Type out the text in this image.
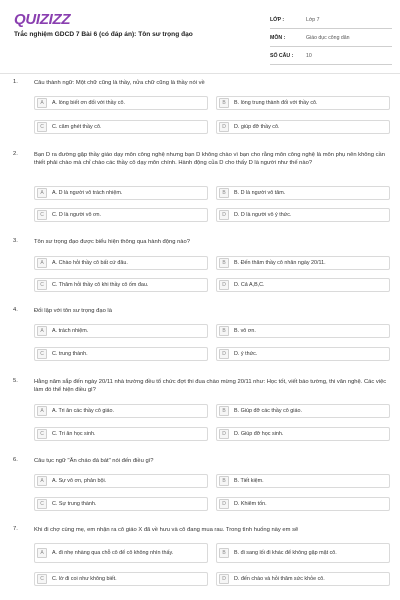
QUIZIZZ
Trắc nghiệm GDCD 7 Bài 6 (có đáp án): Tôn sư trọng đạo
LỚP :	Lớp 7
MÔN :	Giáo dục công dân
SỐ CÂU :	10
1.	Câu thành ngữ: Một chữ cũng là thầy, nửa chữ cũng là thầy nói về
A	A. lòng biết ơn đối với thầy cô.	B	B. lòng trung thành đối với thầy cô.
C	C. căm ghét thầy cô.	D	D. giúp đỡ thầy cô.
2.	Bạn D ra đường gặp thầy giáo dạy môn công nghệ nhưng bạn D không chào vì bạn cho rằng môn công nghệ là môn phụ nên không cần thiết phải chào mà chỉ chào các thầy cô dạy môn chính. Hành động của D cho thấy D là người như thế nào?
A	A. D là người vô trách nhiệm.	B	B. D là người vô tâm.
C	C. D là người vô ơn.	D	D. D là người vô ý thức.
3.	Tôn sư trọng đạo được biểu hiện thông qua hành động nào?
A	A. Chào hỏi thầy cô bất cứ đâu.	B	B. Đến thăm thầy cô nhân ngày 20/11.
C	C. Thăm hỏi thầy cô khi thầy cô ốm đau.	D	D. Cả A,B,C.
4.	Đối lập với tôn sư trọng đạo là
A	A. trách nhiệm.	B	B. vô ơn.
C	C. trung thành.	D	D. ý thức.
5.	Hằng năm sắp đến ngày 20/11 nhà trường đều tổ chức đợt thi đua chào mừng 20/11 như: Học tốt, viết báo tường, thi văn nghệ. Các việc làm đó thể hiện điều gì?
A	A. Tri ân các thầy cô giáo.	B	B. Giúp đỡ các thầy cô giáo.
C	C. Tri ân học sinh.	D	D. Giúp đỡ học sinh.
6.	Câu tục ngữ "Ăn cháo đá bát" nói đến điều gì?
A	A. Sự vô ơn, phản bội.	B	B. Tiết kiệm.
C	C. Sự trung thành.	D	D. Khiêm tốn.
7.	Khi đi chợ cùng mẹ, em nhận ra cô giáo X đã về hưu và cô đang mua rau. Trong tình huống này em sẽ
A	A. đi nhẹ nhàng qua chỗ cô để cô không nhìn thấy.	B	B. đi sang lối đi khác để không gặp mặt cô.
C	C. lờ đi coi như không biết.	D	D. đến chào và hỏi thăm sức khỏe cô.
